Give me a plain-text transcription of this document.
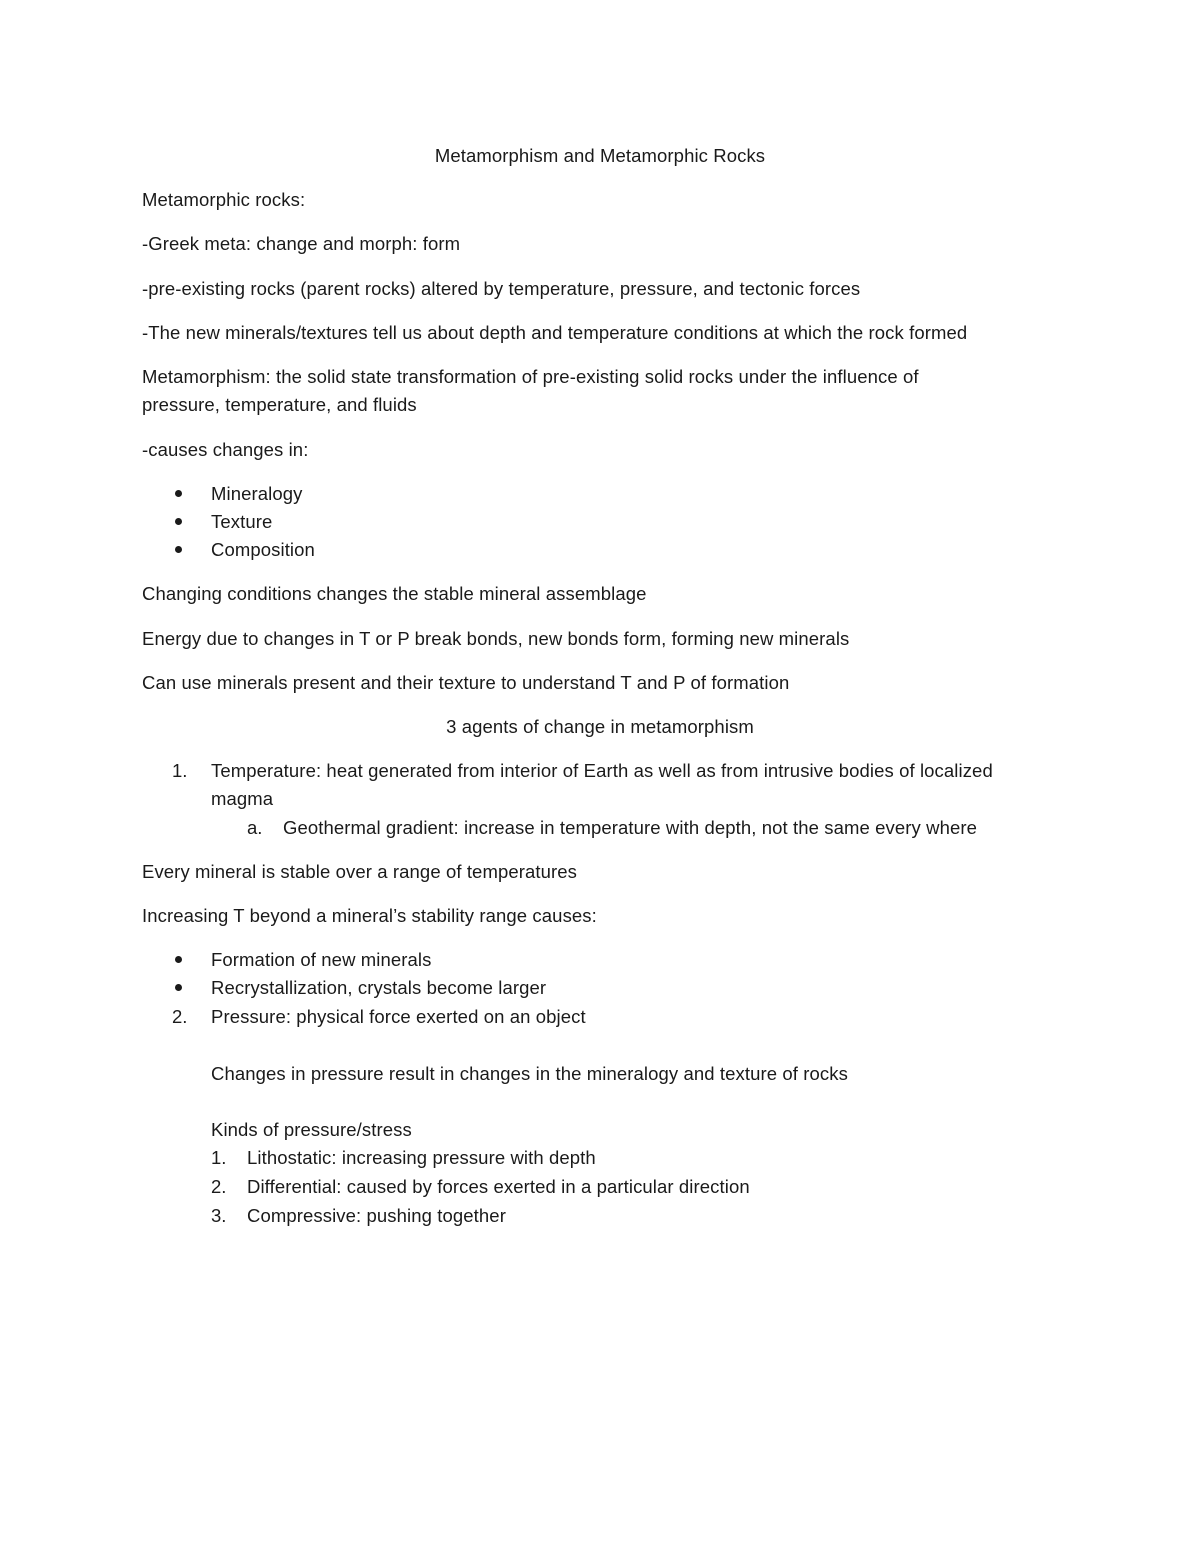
Metamorphism and Metamorphic Rocks
Metamorphic rocks:
-Greek meta: change and morph: form
-pre-existing rocks (parent rocks) altered by temperature, pressure, and tectonic forces
-The new minerals/textures tell us about depth and temperature conditions at which the rock formed
Metamorphism: the solid state transformation of pre-existing solid rocks under the influence of
pressure, temperature, and fluids
-causes changes in:
Mineralogy
Texture
Composition
Changing conditions changes the stable mineral assemblage
Energy due to changes in T or P break bonds, new bonds form, forming new minerals
Can use minerals present and their texture to understand T and P of formation
3 agents of change in metamorphism
1. Temperature: heat generated from interior of Earth as well as from intrusive bodies of localized
magma
a. Geothermal gradient: increase in temperature with depth, not the same every where
Every mineral is stable over a range of temperatures
Increasing T beyond a mineral’s stability range causes:
Formation of new minerals
Recrystallization, crystals become larger
2. Pressure: physical force exerted on an object
Changes in pressure result in changes in the mineralogy and texture of rocks
Kinds of pressure/stress
1. Lithostatic: increasing pressure with depth
2. Differential: caused by forces exerted in a particular direction
3. Compressive: pushing together
